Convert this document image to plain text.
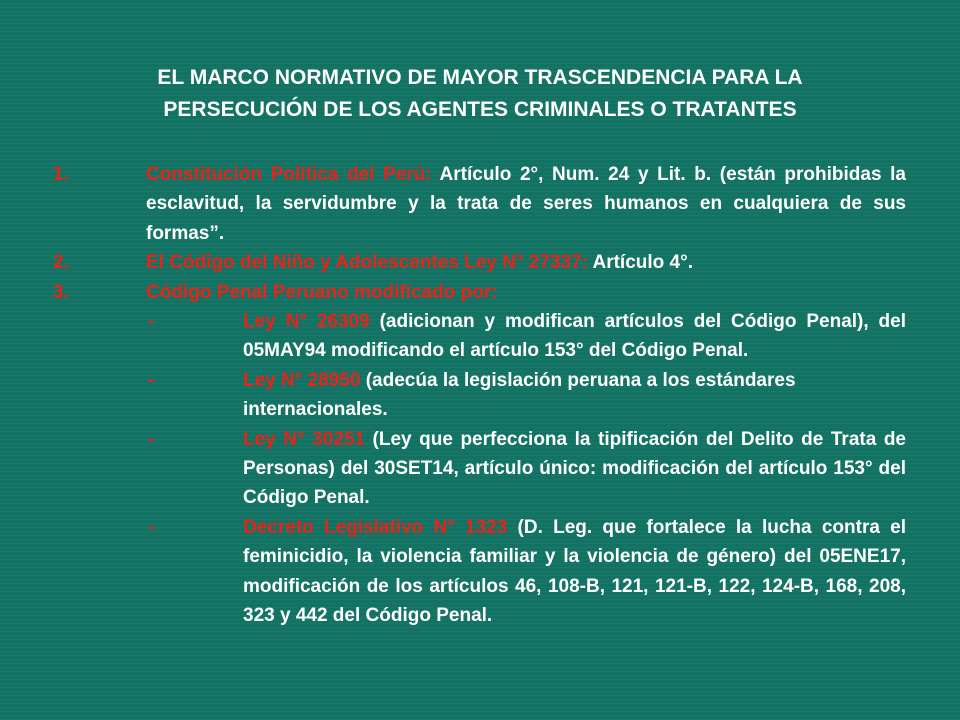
EL MARCO NORMATIVO DE MAYOR TRASCENDENCIA PARA LA
PERSECUCIÓN DE LOS AGENTES CRIMINALES O TRATANTES
1.	Constitución Política del Perú: Artículo 2°, Num. 24 y Lit. b. (están prohibidas la esclavitud, la servidumbre y la trata de seres humanos en cualquiera de sus formas”.
2.	El Código del Niño y Adolescentes Ley N° 27337: Artículo 4°.
3.	Código Penal Peruano modificado por:
-	Ley N° 26309 (adicionan y modifican artículos del Código Penal), del 05MAY94 modificando el artículo 153° del Código Penal.
-	Ley N° 28950 (adecúa la legislación peruana a los estándares internacionales.
-	Ley N° 30251 (Ley que perfecciona la tipificación del Delito de Trata de Personas) del 30SET14, artículo único: modificación del artículo 153° del Código Penal.
-	Decreto Legislativo N° 1323 (D. Leg. que fortalece la lucha contra el feminicidio, la violencia familiar y la violencia de género) del 05ENE17, modificación de los artículos 46, 108-B, 121, 121-B, 122, 124-B, 168, 208, 323 y 442 del Código Penal.
